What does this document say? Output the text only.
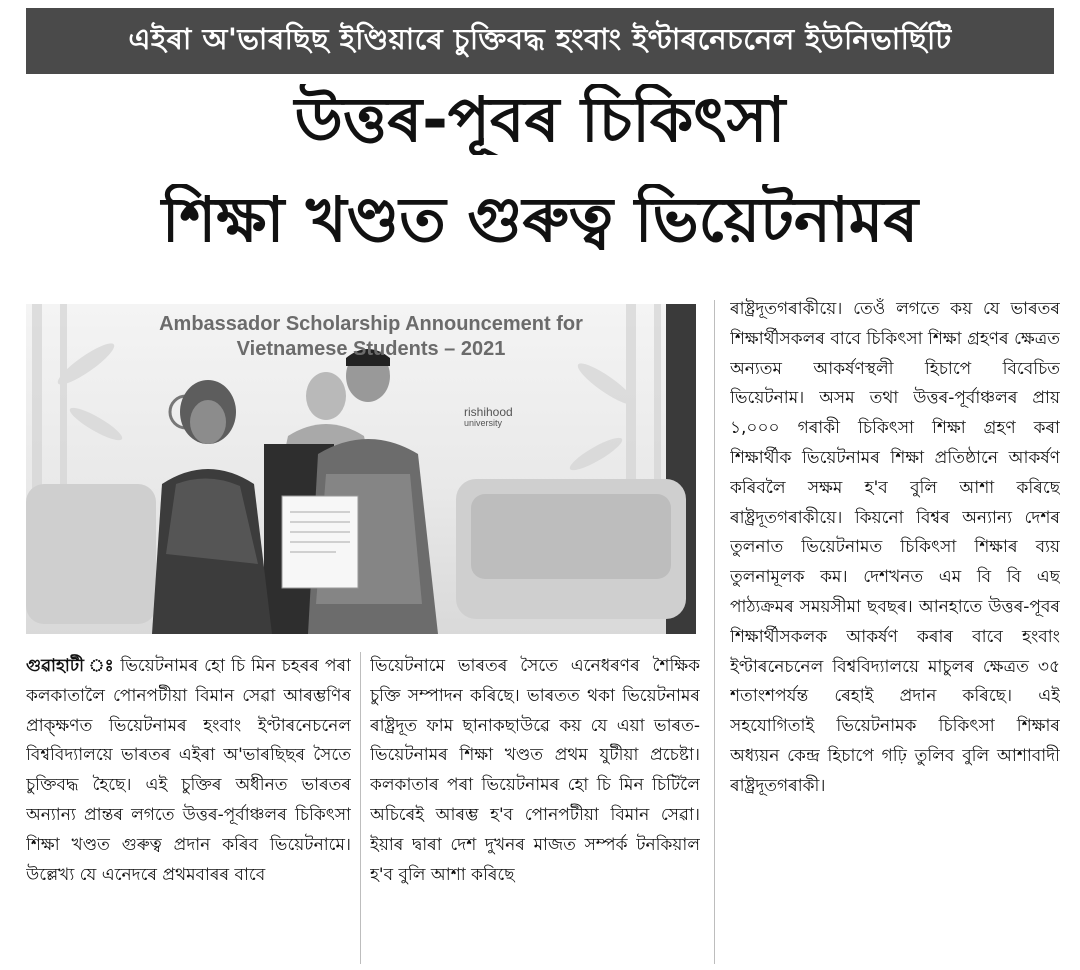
এইৰা অ'ভাৰছিছ ইণ্ডিয়াৰে চুক্তিবদ্ধ হংবাং ইণ্টাৰনেচনেল ইউনিভাৰ্ছিটি
উত্তৰ-পূবৰ চিকিৎসা
শিক্ষা খণ্ডত গুৰুত্ব ভিয়েটনামৰ
Ambassador Scholarship Announcement for
Vietnamese Students – 2021
rishihood
university
গুৱাহাটী ঃ ভিয়েটনামৰ হো চি মিন চহৰৰ পৰা কলকাতালৈ পোনপটীয়া বিমান সেৱা আৰম্ভণিৰ প্ৰাক্‌ক্ষণত ভিয়েটনামৰ হংবাং ইণ্টাৰনেচনেল বিশ্ববিদ্যালয়ে ভাৰতৰ এইৰা অ'ভাৰছিছৰ সৈতে চুক্তিবদ্ধ হৈছে। এই চুক্তিৰ অধীনত ভাৰতৰ অন্যান্য প্ৰান্তৰ লগতে উত্তৰ-পূৰ্বাঞ্চলৰ চিকিৎসা শিক্ষা খণ্ডত গুৰুত্ব প্ৰদান কৰিব ভিয়েটনামে। উল্লেখ্য যে এনেদৰে প্ৰথমবাৰৰ বাবে
ভিয়েটনামে ভাৰতৰ সৈতে এনেধৰণৰ শৈক্ষিক চুক্তি সম্পাদন কৰিছে। ভাৰতত থকা ভিয়েটনামৰ ৰাষ্ট্ৰদূত ফাম ছানাকছাউৱে কয় যে এয়া ভাৰত-ভিয়েটনামৰ শিক্ষা খণ্ডত প্ৰথম যুটীয়া প্ৰচেষ্টা। কলকাতাৰ পৰা ভিয়েটনামৰ হো চি মিন চিটিলৈ অচিৰেই আৰম্ভ হ'ব পোনপটীয়া বিমান সেৱা। ইয়াৰ দ্বাৰা দেশ দুখনৰ মাজত সম্পৰ্ক টনকিয়াল হ'ব বুলি আশা কৰিছে
ৰাষ্ট্ৰদূতগৰাকীয়ে। তেওঁ লগতে কয় যে ভাৰতৰ শিক্ষাৰ্থীসকলৰ বাবে চিকিৎসা শিক্ষা গ্ৰহণৰ ক্ষেত্ৰত অন্যতম আকৰ্ষণস্থলী হিচাপে বিবেচিত ভিয়েটনাম। অসম তথা উত্তৰ-পূৰ্বাঞ্চলৰ প্ৰায় ১,০০০ গৰাকী চিকিৎসা শিক্ষা গ্ৰহণ কৰা শিক্ষাৰ্থীক ভিয়েটনামৰ শিক্ষা প্ৰতিষ্ঠানে আকৰ্ষণ কৰিবলৈ সক্ষম হ'ব বুলি আশা কৰিছে ৰাষ্ট্ৰদূতগৰাকীয়ে। কিয়নো বিশ্বৰ অন্যান্য দেশৰ তুলনাত ভিয়েটনামত চিকিৎসা শিক্ষাৰ ব্যয় তুলনামূলক কম। দেশখনত এম বি বি এছ পাঠ্যক্ৰমৰ সময়সীমা ছবছৰ। আনহাতে উত্তৰ-পূবৰ শিক্ষাৰ্থীসকলক আকৰ্ষণ কৰাৰ বাবে হংবাং ইণ্টাৰনেচনেল বিশ্ববিদ্যালয়ে মাচুলৰ ক্ষেত্ৰত ৩৫ শতাংশপৰ্যন্ত ৰেহাই প্ৰদান কৰিছে। এই সহযোগিতাই ভিয়েটনামক চিকিৎসা শিক্ষাৰ অধ্যয়ন কেন্দ্ৰ হিচাপে গঢ়ি তুলিব বুলি আশাবাদী ৰাষ্ট্ৰদূতগৰাকী।
